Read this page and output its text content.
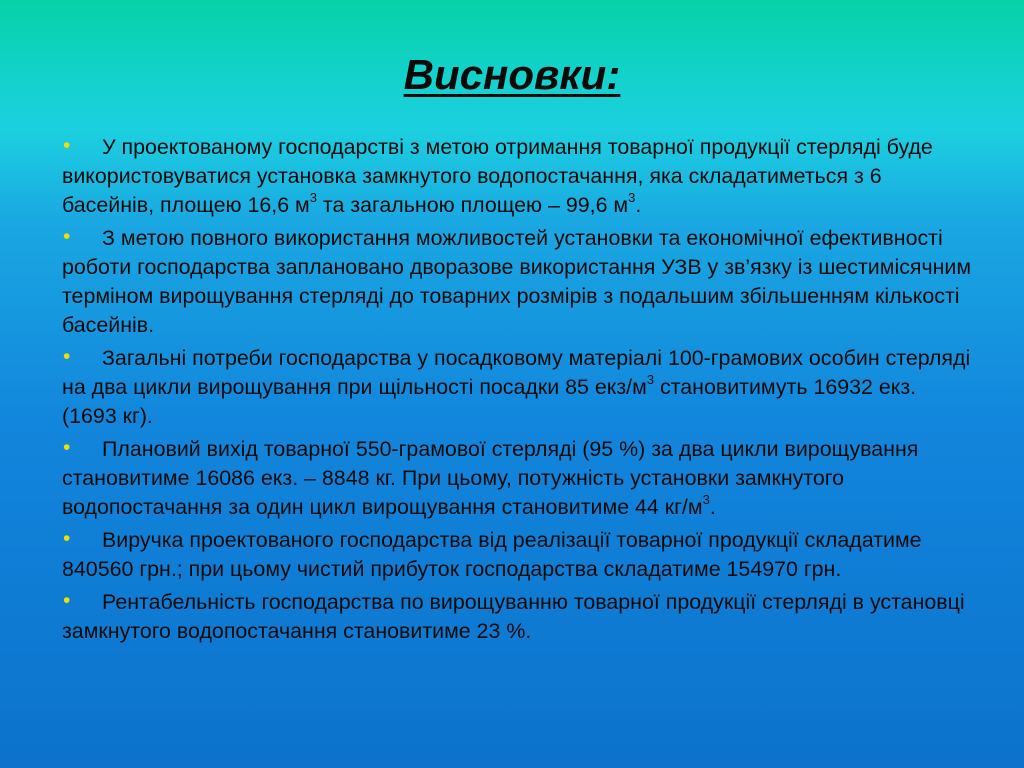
Висновки:
• У проектованому господарстві з метою отримання товарної продукції стерляді буде використовуватися установка замкнутого водопостачання, яка складатиметься з 6 басейнів, площею 16,6 $м^3$ та загальною площею – 99,6 $м^3$.
• З метою повного використання можливостей установки та економічної ефективності роботи господарства заплановано дворазове використання УЗВ у зв’язку із шестимісячним терміном вирощування стерляді до товарних розмірів з подальшим збільшенням кількості басейнів.
• Загальні потреби господарства у посадковому матеріалі 100-грамових особин стерляді на два цикли вирощування при щільності посадки 85 екз/$м^3$ становитимуть 16932 екз. (1693 кг).
• Плановий вихід товарної 550-грамової стерляді (95 %) за два цикли вирощування становитиме 16086 екз. – 8848 кг. При цьому, потужність установки замкнутого водопостачання за один цикл вирощування становитиме 44 $кг/м^3$.
• Виручка проектованого господарства від реалізації товарної продукції складатиме 840560 грн.; при цьому чистий прибуток господарства складатиме 154970 грн.
• Рентабельність господарства по вирощуванню товарної продукції стерляді в установці замкнутого водопостачання становитиме 23 %.
